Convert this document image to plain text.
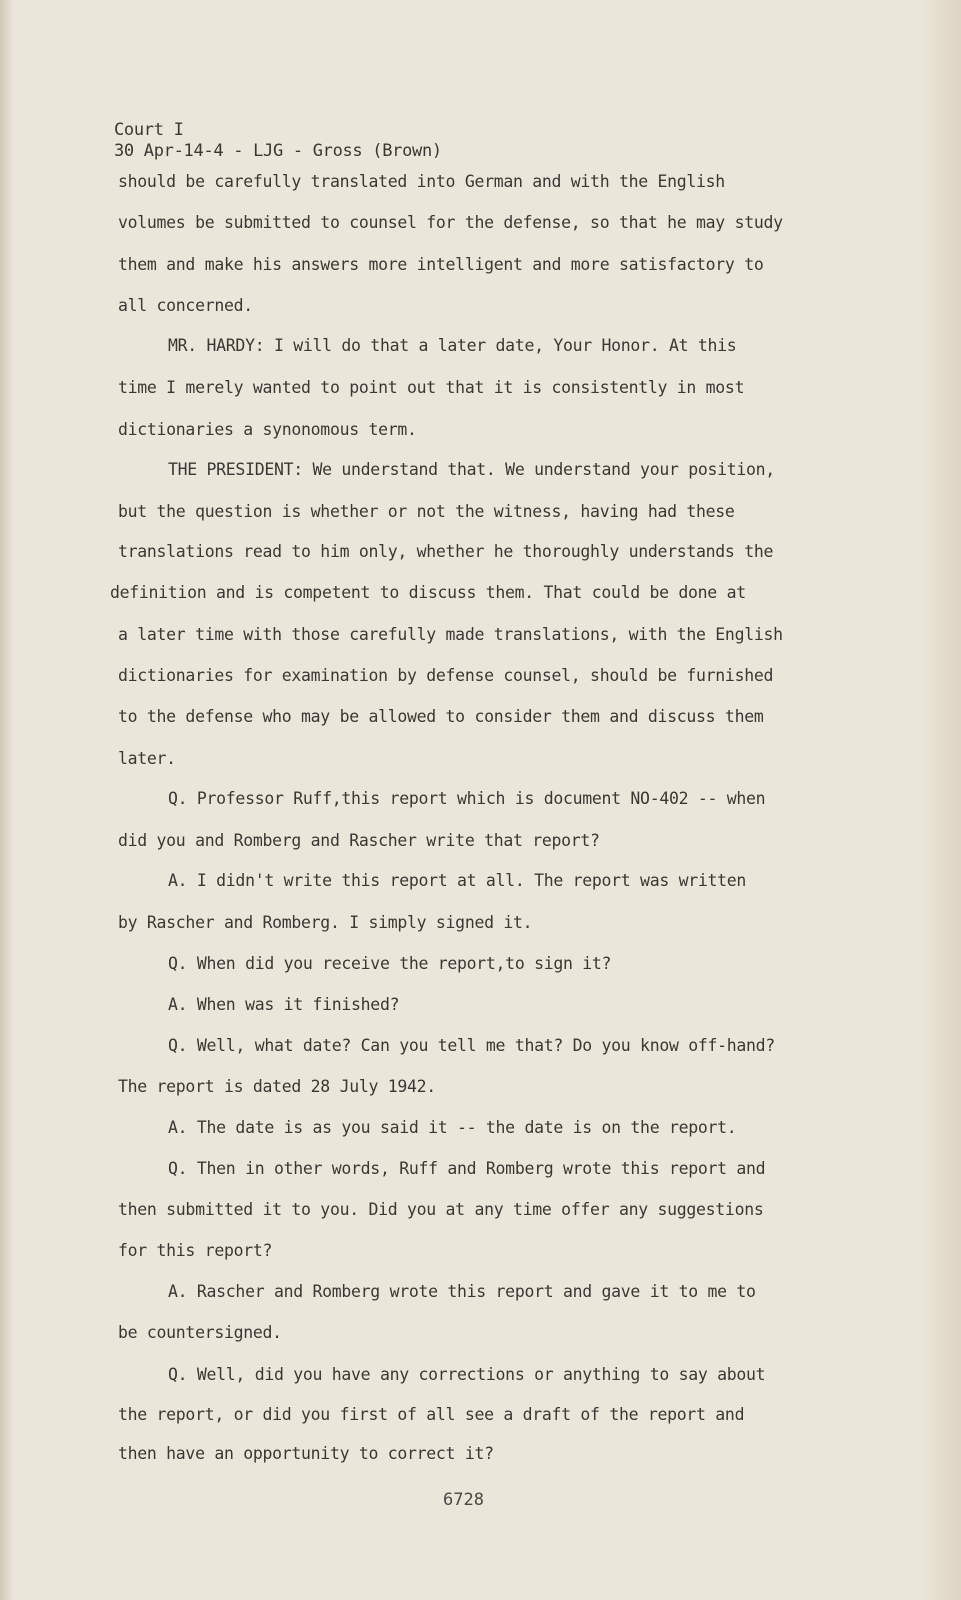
Court I
30 Apr-14-4 - LJG - Gross (Brown)
should be carefully translated into German and with the English
volumes be submitted to counsel for the defense, so that he may study
them and make his answers more intelligent and more satisfactory to
all concerned.
MR. HARDY: I will do that a later date, Your Honor. At this
time I merely wanted to point out that it is consistently in most
dictionaries a synonomous term.
THE PRESIDENT: We understand that. We understand your position,
but the question is whether or not the witness, having had these
translations read to him only, whether he thoroughly understands the
definition and is competent to discuss them. That could be done at
a later time with those carefully made translations, with the English
dictionaries for examination by defense counsel, should be furnished
to the defense who may be allowed to consider them and discuss them
later.
Q. Professor Ruff,this report which is document NO-402 -- when
did you and Romberg and Rascher write that report?
A. I didn't write this report at all. The report was written
by Rascher and Romberg. I simply signed it.
Q. When did you receive the report,to sign it?
A. When was it finished?
Q. Well, what date? Can you tell me that? Do you know off-hand?
The report is dated 28 July 1942.
A. The date is as you said it -- the date is on the report.
Q. Then in other words, Ruff and Romberg wrote this report and
then submitted it to you. Did you at any time offer any suggestions
for this report?
A. Rascher and Romberg wrote this report and gave it to me to
be countersigned.
Q. Well, did you have any corrections or anything to say about
the report, or did you first of all see a draft of the report and
then have an opportunity to correct it?
6728
